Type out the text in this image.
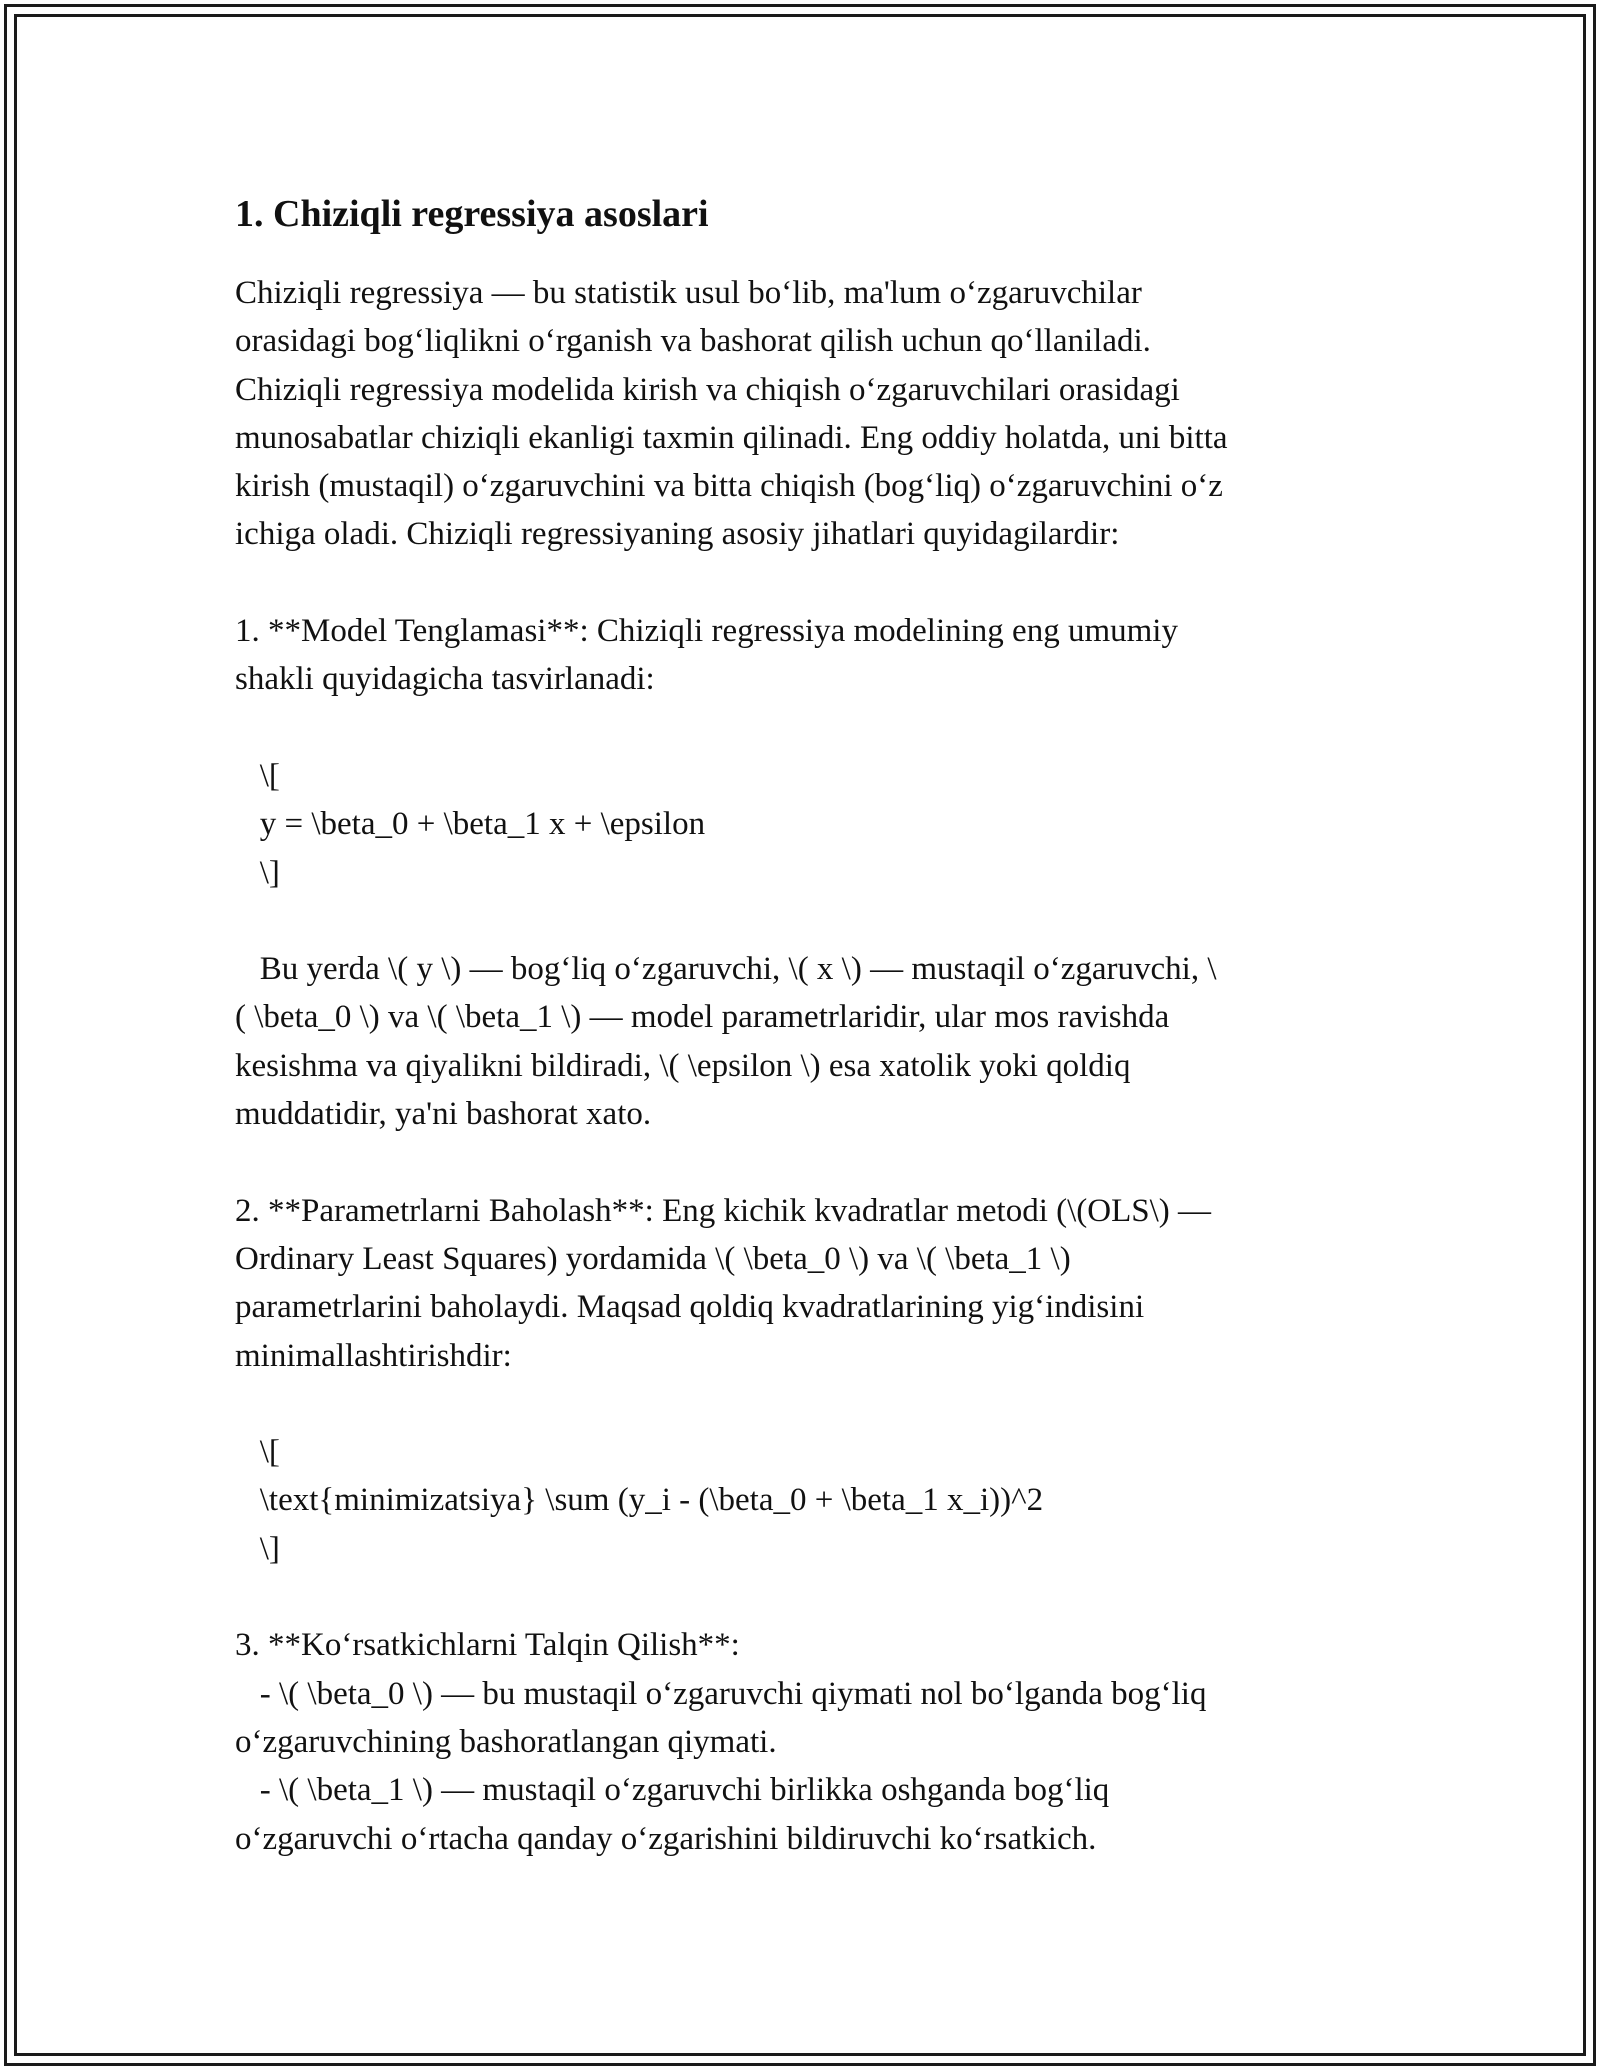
1. Chiziqli regressiya asoslari

Chiziqli regressiya — bu statistik usul bo‘lib, ma'lum o‘zgaruvchilar
orasidagi bog‘liqlikni o‘rganish va bashorat qilish uchun qo‘llaniladi.
Chiziqli regressiya modelida kirish va chiqish o‘zgaruvchilari orasidagi
munosabatlar chiziqli ekanligi taxmin qilinadi. Eng oddiy holatda, uni bitta
kirish (mustaqil) o‘zgaruvchini va bitta chiqish (bog‘liq) o‘zgaruvchini o‘z
ichiga oladi. Chiziqli regressiyaning asosiy jihatlari quyidagilardir:

1. **Model Tenglamasi**: Chiziqli regressiya modelining eng umumiy
shakli quyidagicha tasvirlanadi:

\[
y = \beta_0 + \beta_1 x + \epsilon
\]

Bu yerda \( y \) — bog‘liq o‘zgaruvchi, \( x \) — mustaqil o‘zgaruvchi, \
( \beta_0 \) va \( \beta_1 \) — model parametrlaridir, ular mos ravishda
kesishma va qiyalikni bildiradi, \( \epsilon \) esa xatolik yoki qoldiq
muddatidir, ya'ni bashorat xato.

2. **Parametrlarni Baholash**: Eng kichik kvadratlar metodi (\(OLS\) —
Ordinary Least Squares) yordamida \( \beta_0 \) va \( \beta_1 \)
parametrlarini baholaydi. Maqsad qoldiq kvadratlarining yig‘indisini
minimallashtirishdir:

\[
\text{minimizatsiya} \sum (y_i - (\beta_0 + \beta_1 x_i))^2
\]

3. **Ko‘rsatkichlarni Talqin Qilish**:
- \( \beta_0 \) — bu mustaqil o‘zgaruvchi qiymati nol bo‘lganda bog‘liq
o‘zgaruvchining bashoratlangan qiymati.
- \( \beta_1 \) — mustaqil o‘zgaruvchi birlikka oshganda bog‘liq
o‘zgaruvchi o‘rtacha qanday o‘zgarishini bildiruvchi ko‘rsatkich.
